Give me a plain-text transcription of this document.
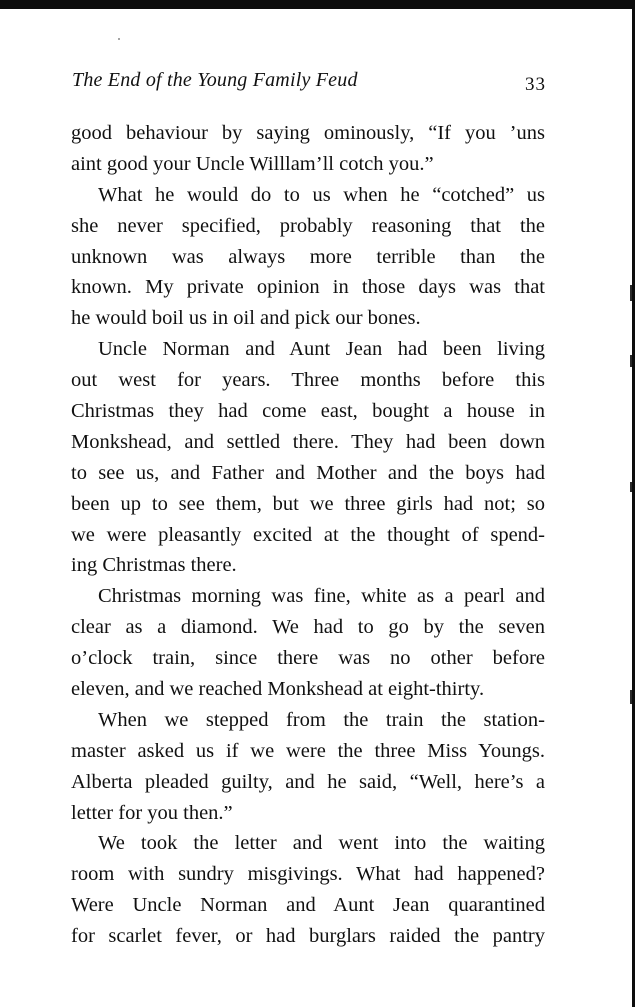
The End of the Young Family Feud	33
good behaviour by saying ominously, “If you ’uns
aint good your Uncle Willlam’ll cotch you.”
What he would do to us when he “cotched” us
she never specified, probably reasoning that the
unknown was always more terrible than the
known. My private opinion in those days was that
he would boil us in oil and pick our bones.
Uncle Norman and Aunt Jean had been living
out west for years. Three months before this
Christmas they had come east, bought a house in
Monkshead, and settled there. They had been down
to see us, and Father and Mother and the boys had
been up to see them, but we three girls had not; so
we were pleasantly excited at the thought of spend-
ing Christmas there.
Christmas morning was fine, white as a pearl and
clear as a diamond. We had to go by the seven
o’clock train, since there was no other before
eleven, and we reached Monkshead at eight-thirty.
When we stepped from the train the station-
master asked us if we were the three Miss Youngs.
Alberta pleaded guilty, and he said, “Well, here’s a
letter for you then.”
We took the letter and went into the waiting
room with sundry misgivings. What had happened?
Were Uncle Norman and Aunt Jean quarantined
for scarlet fever, or had burglars raided the pantry
